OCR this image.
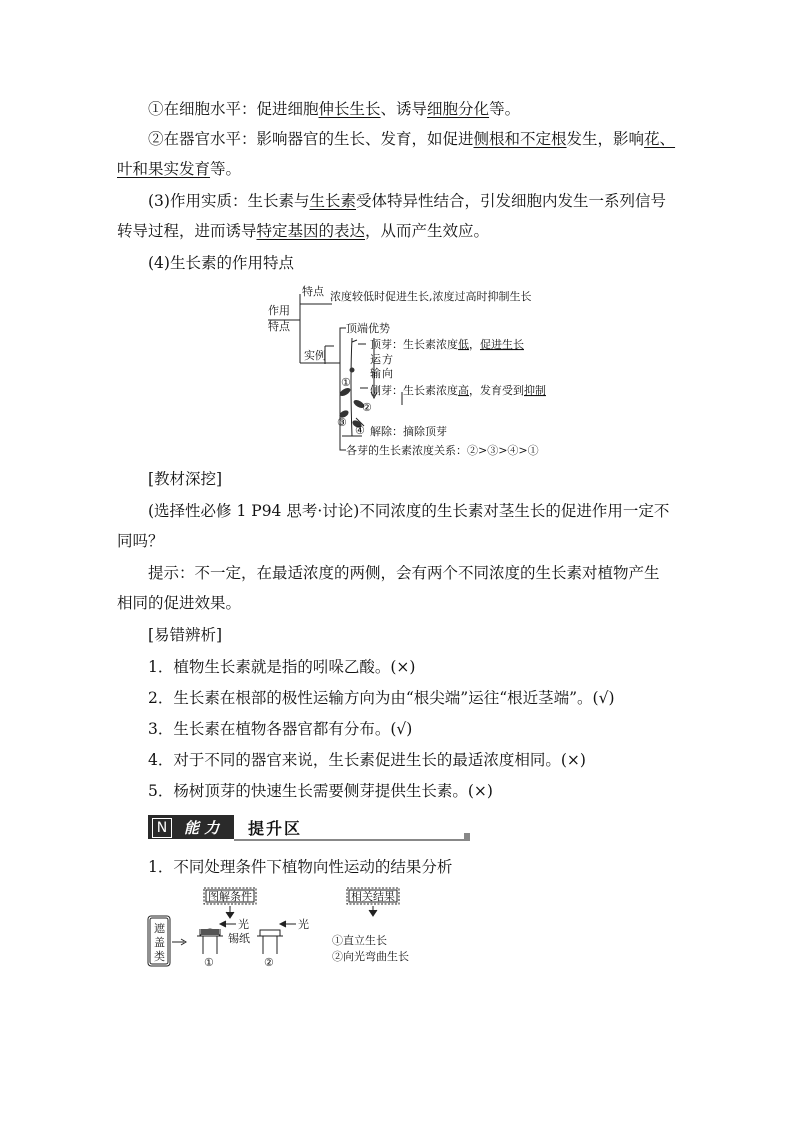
①在细胞水平：促进细胞伸长生长、诱导细胞分化等。
②在器官水平：影响器官的生长、发育，如促进侧根和不定根发生，影响花、
叶和果实发育等。
(3)作用实质：生长素与生长素受体特异性结合，引发细胞内发生一系列信号
转导过程，进而诱导特定基因的表达，从而产生效应。
(4)生长素的作用特点
作用
特点
特点 浓度较低时促进生长,浓度过高时抑制生长
实例
顶端优势
顶芽：生长素浓度低，促进生长
运
输
方
向
侧芽：生长素浓度高，发育受到抑制
解除：摘除顶芽
各芽的生长素浓度关系：②>③>④>①
①
②
③
④
[教材深挖]
(选择性必修 1 P94 思考·讨论)不同浓度的生长素对茎生长的促进作用一定不
同吗？
提示：不一定，在最适浓度的两侧，会有两个不同浓度的生长素对植物产生
相同的促进效果。
[易错辨析]
1．植物生长素就是指的吲哚乙酸。(×)
2．生长素在根部的极性运输方向为由“根尖端”运往“根近茎端”。(√)
3．生长素在植物各器官都有分布。(√)
4．对于不同的器官来说，生长素促进生长的最适浓度相同。(×)
5．杨树顶芽的快速生长需要侧芽提供生长素。(×)
N	能 力 提升区
1．不同处理条件下植物向性运动的结果分析
图解条件	相关结果
遮
盖
类
光	光
锡纸
①	②
①直立生长
②向光弯曲生长
